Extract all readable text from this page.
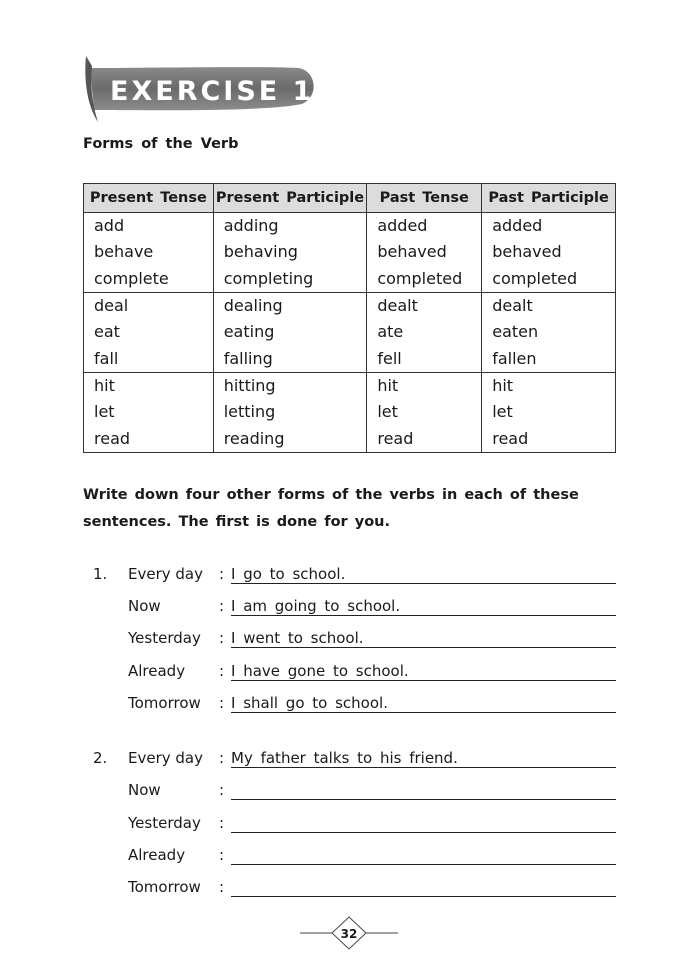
EXERCISE 14
Forms of the Verb
Present Tense	Present Participle	Past Tense	Past Participle
add	adding	added	added
behave	behaving	behaved	behaved
complete	completing	completed	completed
deal	dealing	dealt	dealt
eat	eating	ate	eaten
fall	falling	fell	fallen
hit	hitting	hit	hit
let	letting	let	let
read	reading	read	read
Write down four other forms of the verbs in each of these sentences. The first is done for you.
1. Every day : I go to school.
Now	: I am going to school.
Yesterday : I went to school.
Already : I have gone to school.
Tomorrow : I shall go to school.
2. Every day : My father talks to his friend.
Now	:
Yesterday :
Already :
Tomorrow :
32
